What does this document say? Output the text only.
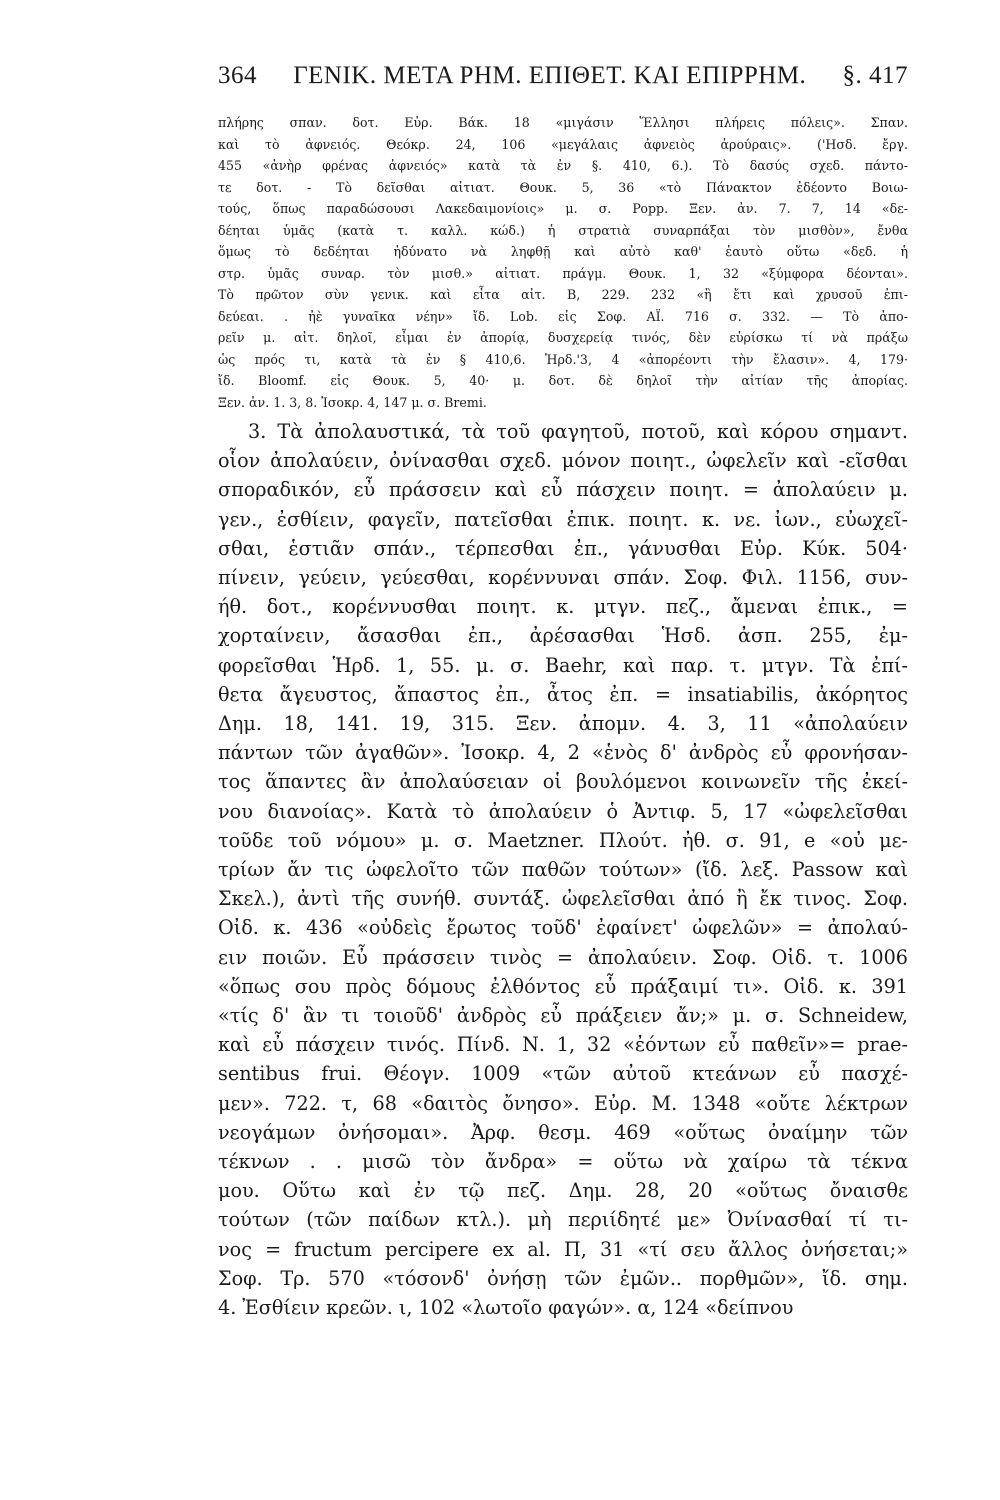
364	ΓΕΝΙΚ. ΜΕΤΑ ΡΗΜ. ΕΠΙΘΕΤ. ΚΑΙ ΕΠΙΡΡΗΜ.	§. 417
πλήρης σπαν. δοτ. Εὐρ. Βάκ. 18 «μιγάσιν Ἕλλησι πλήρεις πόλεις». Σπαν.
καὶ τὸ ἀφνειός. Θεόκρ. 24, 106 «μεγάλαις ἀφνειὸς ἀρούραις». ('Ησδ. ἔργ.
455 «ἀνὴρ φρένας ἀφνειός» κατὰ τὰ ἐν §. 410, 6.). Τὸ δασύς σχεδ. πάντο-
τε δοτ. - Τὸ δεῖσθαι αἰτιατ. Θουκ. 5, 36 «τὸ Πάνακτον ἐδέοντο Βοιω-
τούς, ὅπως παραδώσουσι Λακεδαιμονίοις» μ. σ. Popp. Ξεν. ἀν. 7. 7, 14 «δε-
δέηται ὑμᾶς (κατὰ τ. καλλ. κώδ.) ἡ στρατιὰ συναρπάξαι τὸν μισθὸν», ἔνθα
ὅμως τὸ δεδέηται ἠδύνατο νὰ ληφθῇ καὶ αὐτὸ καθ' ἑαυτὸ οὕτω «δεδ. ἡ
στρ. ὑμᾶς συναρ. τὸν μισθ.» αἰτιατ. πράγμ. Θουκ. 1, 32 «ξύμφορα δέονται».
Τὸ πρῶτον σὺν γενικ. καὶ εἶτα αἰτ. Β, 229. 232 «ἢ ἔτι καὶ χρυσοῦ ἐπι-
δεύεαι. . ἠὲ γυναῖκα νέην» ἴδ. Lob. εἰς Σοφ. ΑΪ. 716 σ. 332. — Τὸ ἀπο-
ρεῖν μ. αἰτ. δηλοῖ, εἶμαι ἐν ἀπορίᾳ, δυσχερείᾳ τινός, δὲν εὑρίσκω τί νὰ πράξω
ὡς πρός τι, κατὰ τὰ ἐν § 410,6. Ἡρδ.'3, 4 «ἀπορέοντι τὴν ἔλασιν». 4, 179·
ἴδ. Bloomf. εἰς Θουκ. 5, 40· μ. δοτ. δὲ δηλοῖ τὴν αἰτίαν τῆς ἀπορίας.
Ξεν. ἀν. 1. 3, 8. Ἰσοκρ. 4, 147 μ. σ. Bremi.
3. Τὰ ἀπολαυστικά, τὰ τοῦ φαγητοῦ, ποτοῦ, καὶ κόρου σημαντ.
οἷον ἀπολαύειν, ὀνίνασθαι σχεδ. μόνον ποιητ., ὠφελεῖν καὶ -εῖσθαι
σποραδικόν, εὖ πράσσειν καὶ εὖ πάσχειν ποιητ. = ἀπολαύειν μ.
γεν., ἐσθίειν, φαγεῖν, πατεῖσθαι ἐπικ. ποιητ. κ. νε. ἰων., εὐωχεῖ-
σθαι, ἑστιᾶν σπάν., τέρπεσθαι ἐπ., γάνυσθαι Εὐρ. Κύκ. 504·
πίνειν, γεύειν, γεύεσθαι, κορέννυναι σπάν. Σοφ. Φιλ. 1156, συν-
ήθ. δοτ., κορέννυσθαι ποιητ. κ. μτγν. πεζ., ἄμεναι ἐπικ., =
χορταίνειν, ἄσασθαι ἐπ., ἀρέσασθαι Ἡσδ. ἀσπ. 255, ἐμ-
φορεῖσθαι Ἡρδ. 1, 55. μ. σ. Baehr, καὶ παρ. τ. μτγν. Τὰ ἐπί-
θετα ἄγευστος, ἄπαστος ἐπ., ἆτος ἐπ. = insatiabilis, ἀκόρητος
Δημ. 18, 141. 19, 315. Ξεν. ἀπομν. 4. 3, 11 «ἀπολαύειν
πάντων τῶν ἀγαθῶν». Ἰσοκρ. 4, 2 «ἑνὸς δ' ἀνδρὸς εὖ φρονήσαν-
τος ἅπαντες ἂν ἀπολαύσειαν οἱ βουλόμενοι κοινωνεῖν τῆς ἐκεί-
νου διανοίας». Κατὰ τὸ ἀπολαύειν ὁ Ἀντιφ. 5, 17 «ὠφελεῖσθαι
τοῦδε τοῦ νόμου» μ. σ. Maetzner. Πλούτ. ἠθ. σ. 91, e «οὐ με-
τρίων ἄν τις ὠφελοῖτο τῶν παθῶν τούτων» (ἴδ. λεξ. Passow καὶ
Σκελ.), ἀντὶ τῆς συνήθ. συντάξ. ὠφελεῖσθαι ἀπό ἢ ἔκ τινος. Σοφ.
Οἰδ. κ. 436 «οὐδεὶς ἔρωτος τοῦδ' ἐφαίνετ' ὠφελῶν» = ἀπολαύ-
ειν ποιῶν. Εὖ πράσσειν τινὸς = ἀπολαύειν. Σοφ. Οἰδ. τ. 1006
«ὅπως σου πρὸς δόμους ἐλθόντος εὖ πράξαιμί τι». Οἰδ. κ. 391
«τίς δ' ἂν τι τοιοῦδ' ἀνδρὸς εὖ πράξειεν ἄν;» μ. σ. Schneidew,
καὶ εὖ πάσχειν τινός. Πίνδ. Ν. 1, 32 «ἐόντων εὖ παθεῖν»= prae-
sentibus frui. Θέογν. 1009 «τῶν αὐτοῦ κτεάνων εὖ πασχέ-
μεν». 722. τ, 68 «δαιτὸς ὄνησο». Εὐρ. Μ. 1348 «οὔτε λέκτρων
νεογάμων ὀνήσομαι». Ἀρφ. θεσμ. 469 «οὕτως ὀναίμην τῶν
τέκνων . . μισῶ τὸν ἄνδρα» = οὕτω νὰ χαίρω τὰ τέκνα
μου. Οὕτω καὶ ἐν τῷ πεζ. Δημ. 28, 20 «οὕτως ὄναισθε
τούτων (τῶν παίδων κτλ.). μὴ περιίδητέ με» Ὀνίνασθαί τί τι-
νος = fructum percipere ex al. Π, 31 «τί σευ ἄλλος ὀνήσεται;»
Σοφ. Τρ. 570 «τόσονδ' ὀνήσῃ τῶν ἐμῶν.. πορθμῶν», ἴδ. σημ.
4. Ἐσθίειν κρεῶν. ι, 102 «λωτοῖο φαγών». α, 124 «δείπνου
